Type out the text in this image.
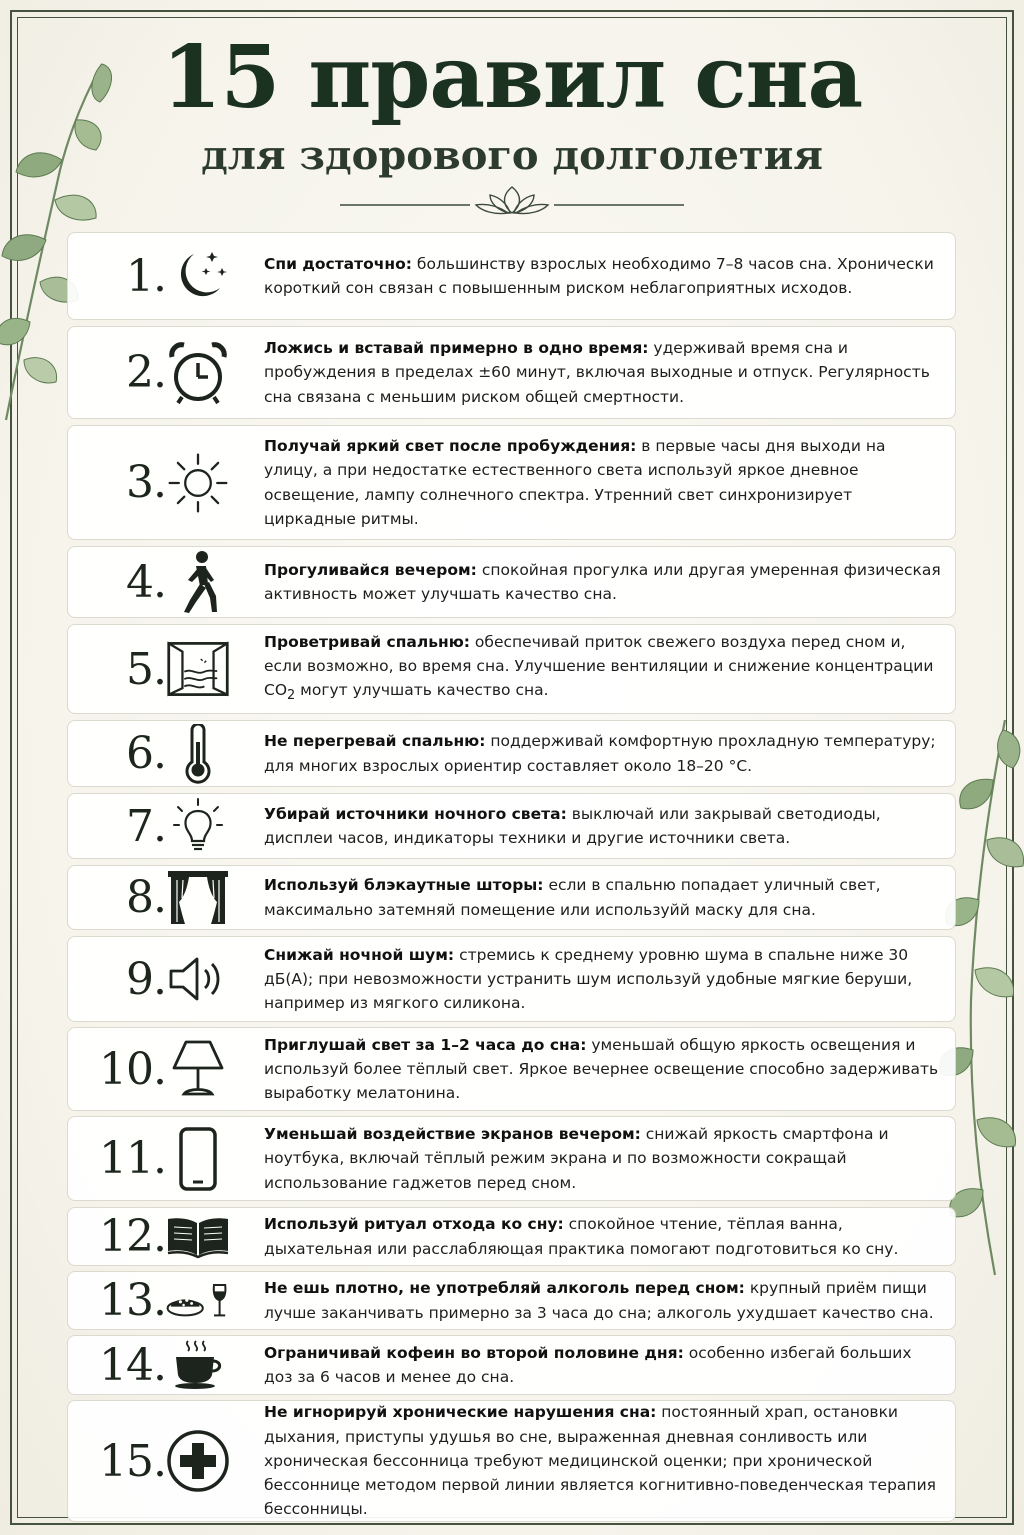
15 правил сна
для здорового долголетия
1.	Спи достаточно: большинству взрослых необходимо 7–8 часов сна. Хронически короткий сон связан с повышенным риском неблагоприятных исходов.

2.	Ложись и вставай примерно в одно время: удерживай время сна и пробуждения в пределах ±60 минут, включая выходные и отпуск. Регулярность сна связана с меньшим риском общей смертности.

3.

Получай яркий свет после пробуждения: в первые часы дня выходи на улицу, а при недостатке естественного света используй яркое дневное освещение, лампу солнечного спектра. Утренний свет синхронизирует циркадные ритмы.

4.	Прогуливайся вечером: спокойная прогулка или другая умеренная физическая активность может улучшать качество сна.

5.

Проветривай спальню: обеспечивай приток свежего воздуха перед сном и, если возможно, во время сна. Улучшение вентиляции и снижение концентрации $CO_2$ могут улучшать качество сна.

6.	Не перегревай спальню: поддерживай комфортную прохладную температуру; для многих взрослых ориентир составляет около 18–20 °C.

7.	Убирай источники ночного света: выключай или закрывай светодиоды, дисплеи часов, индикаторы техники и другие источники света.

8.	Используй блэкаутные шторы: если в спальню попадает уличный свет, максимально затемняй помещение или используйй маску для сна.

9.	Снижай ночной шум: стремись к среднему уровню шума в спальне ниже 30 дБ(A); при невозможности устранить шум используй удобные мягкие беруши, например из мягкого силикона.

10.	Приглушай свет за 1–2 часа до сна: уменьшай общую яркость освещения и используй более тёплый свет. Яркое вечернее освещение способно задерживать выработку мелатонина.

11.	Уменьшай воздействие экранов вечером: снижай яркость смартфона и ноутбука, включай тёплый режим экрана и по возможности сокращай использование гаджетов перед сном.

12.	Используй ритуал отхода ко сну: спокойное чтение, тёплая ванна, дыхательная или расслабляющая практика помогают подготовиться ко сну.

13.	Не ешь плотно, не употребляй алкоголь перед сном: крупный приём пищи лучше заканчивать примерно за 3 часа до сна; алкоголь ухудшает качество сна.

14.	Ограничивай кофеин во второй половине дня: особенно избегай больших доз за 6 часов и менее до сна.

15.

Не игнорируй хронические нарушения сна: постоянный храп, остановки дыхания, приступы удушья во сне, выраженная дневная сонливость или хроническая бессонница требуют медицинской оценки; при хронической бессоннице методом первой линии является когнитивно-поведенческая терапия бессонницы.
